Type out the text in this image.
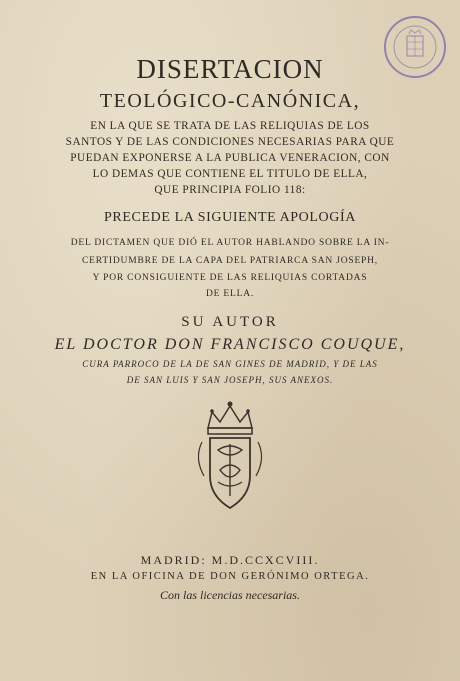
DISERTACION
TEOLÓGICO-CANÓNICA,
EN LA QUE SE TRATA DE LAS RELIQUIAS DE LOS
SANTOS Y DE LAS CONDICIONES NECESARIAS PARA QUE
PUEDAN EXPONERSE A LA PUBLICA VENERACION, CON
LO DEMAS QUE CONTIENE EL TITULO DE ELLA,
QUE PRINCIPIA FOLIO 118:
PRECEDE LA SIGUIENTE APOLOGÍA
DEL DICTAMEN QUE DIÓ EL AUTOR HABLANDO SOBRE LA IN-
CERTIDUMBRE DE LA CAPA DEL PATRIARCA SAN JOSEPH,
Y POR CONSIGUIENTE DE LAS RELIQUIAS CORTADAS
DE ELLA.
SU AUTOR
EL DOCTOR DON FRANCISCO COUQUE,
CURA PARROCO DE LA DE SAN GINES DE MADRID, Y DE LAS
DE SAN LUIS Y SAN JOSEPH, SUS ANEXOS.
MADRID: M.D.CCXCVIII.
EN LA OFICINA DE DON GERÓNIMO ORTEGA.
Con las licencias necesarias.
